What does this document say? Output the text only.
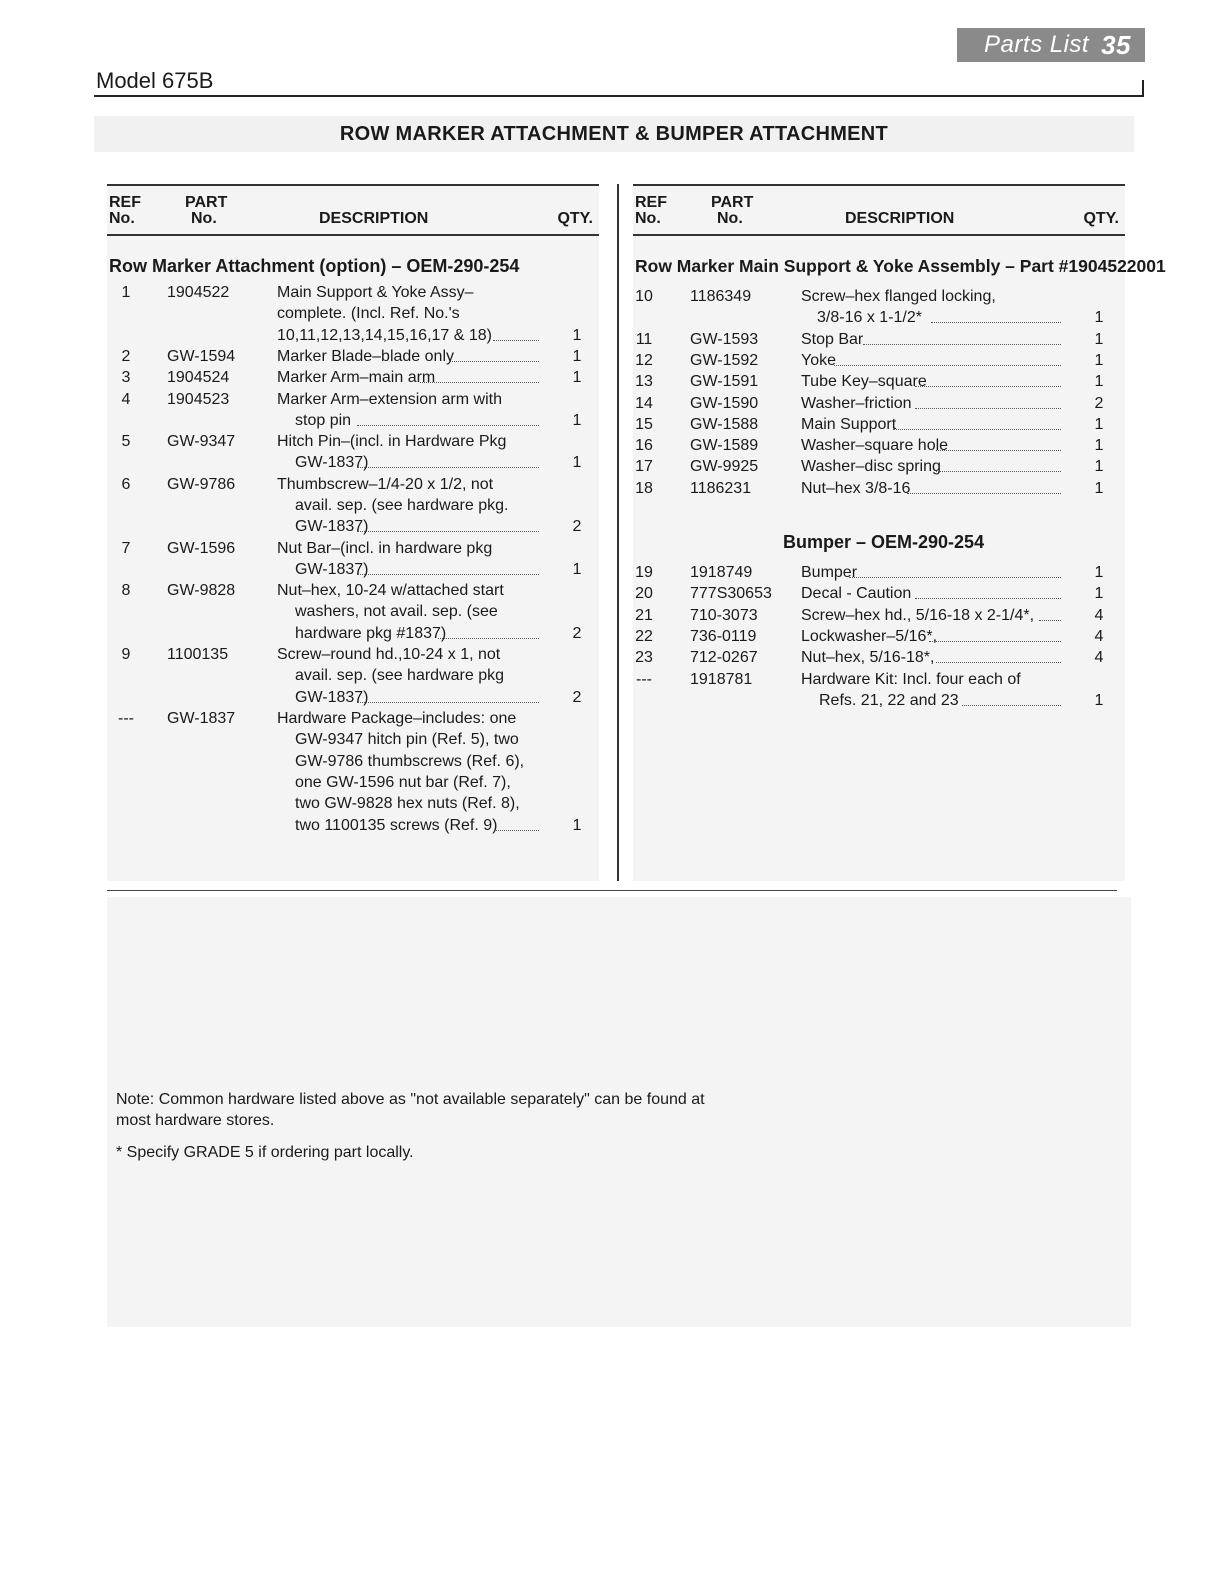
Parts List 35
Model 675B
ROW MARKER ATTACHMENT & BUMPER ATTACHMENT
REF
No.
PART
No.	DESCRIPTION	QTY.
Row Marker Attachment (option) – OEM-290-254
1	1904522	Main Support & Yoke Assy–
complete. (Incl. Ref. No.'s
10,11,12,13,14,15,16,17 & 18)	1
2	GW-1594	Marker Blade–blade only	1
3	1904524	Marker Arm–main arm	1
4	1904523	Marker Arm–extension arm with
stop pin	1
5	GW-9347	Hitch Pin–(incl. in Hardware Pkg
GW-1837)	1
6	GW-9786	Thumbscrew–1/4-20 x 1/2, not
avail. sep. (see hardware pkg.
GW-1837)	2
7	GW-1596	Nut Bar–(incl. in hardware pkg
GW-1837)	1
8	GW-9828	Nut–hex, 10-24 w/attached start
washers, not avail. sep. (see
hardware pkg #1837)	2
9	1100135	Screw–round hd.,10-24 x 1, not
avail. sep. (see hardware pkg
GW-1837)	2
---	GW-1837	Hardware Package–includes: one
GW-9347 hitch pin (Ref. 5), two
GW-9786 thumbscrews (Ref. 6),
one GW-1596 nut bar (Ref. 7),
two GW-9828 hex nuts (Ref. 8),
two 1100135 screws (Ref. 9)	1
REF
No.
PART
No.	DESCRIPTION	QTY.
Row Marker Main Support & Yoke Assembly – Part #1904522001
10 1186349	Screw–hex flanged locking,
3/8-16 x 1-1/2*	1
11 GW-1593	Stop Bar	1
12 GW-1592	Yoke	1
13 GW-1591	Tube Key–square	1
14 GW-1590	Washer–friction	2
15 GW-1588	Main Support	1
16 GW-1589	Washer–square hole	1
17 GW-9925	Washer–disc spring	1
18 1186231	Nut–hex 3/8-16	1
Bumper – OEM-290-254
19 1918749	Bumper	1
20 777S30653 Decal - Caution	1
21 710-3073	Screw–hex hd., 5/16-18 x 2-1/4*,	4
22 736-0119	Lockwasher–5/16*,	4
23 712-0267	Nut–hex, 5/16-18*,	4
--- 1918781	Hardware Kit: Incl. four each of
Refs. 21, 22 and 23	1
Note: Common hardware listed above as "not available separately" can be found at
most hardware stores.
* Specify GRADE 5 if ordering part locally.
